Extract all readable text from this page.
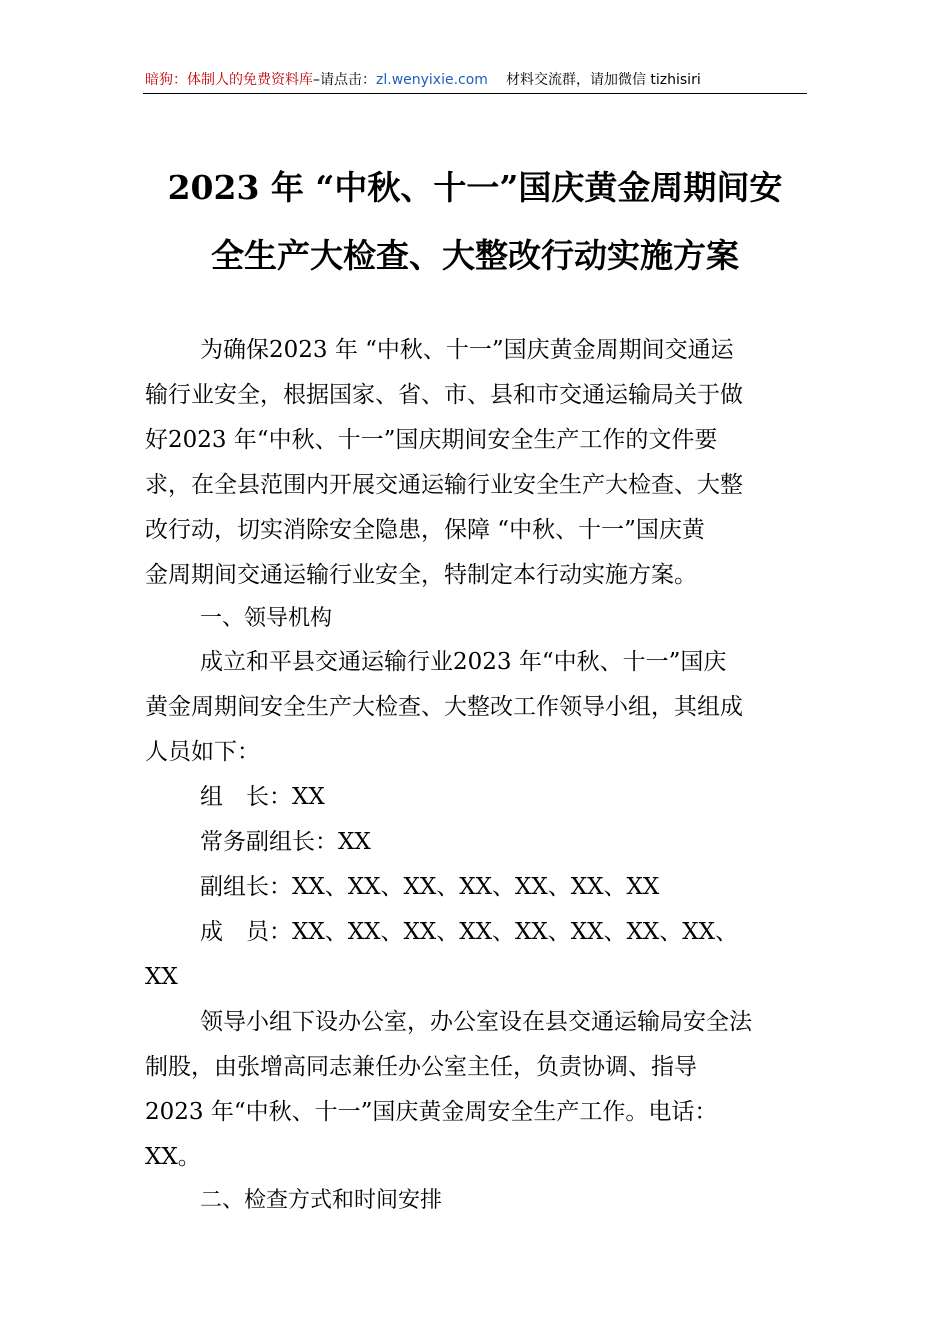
暗狗：体制人的免费资料库–请点击：zl.wenyixie.com 材料交流群，请加微信 tizhisiri
2023 年 “中秋、十一”国庆黄金周期间安
全生产大检查、大整改行动实施方案
为确保2023 年 “中秋、十一”国庆黄金周期间交通运
输行业安全，根据国家、省、市、县和市交通运输局关于做
好2023 年“中秋、十一”国庆期间安全生产工作的文件要
求，在全县范围内开展交通运输行业安全生产大检查、大整
改行动，切实消除安全隐患，保障 “中秋、十一”国庆黄
金周期间交通运输行业安全，特制定本行动实施方案。
一、领导机构
成立和平县交通运输行业2023 年“中秋、十一”国庆
黄金周期间安全生产大检查、大整改工作领导小组，其组成
人员如下：
组　长：XX
常务副组长：XX
副组长：XX、XX、XX、XX、XX、XX、XX
成　员：XX、XX、XX、XX、XX、XX、XX、XX、
XX
领导小组下设办公室，办公室设在县交通运输局安全法
制股，由张增高同志兼任办公室主任，负责协调、指导
2023 年“中秋、十一”国庆黄金周安全生产工作。电话：
XX。
二、检查方式和时间安排
